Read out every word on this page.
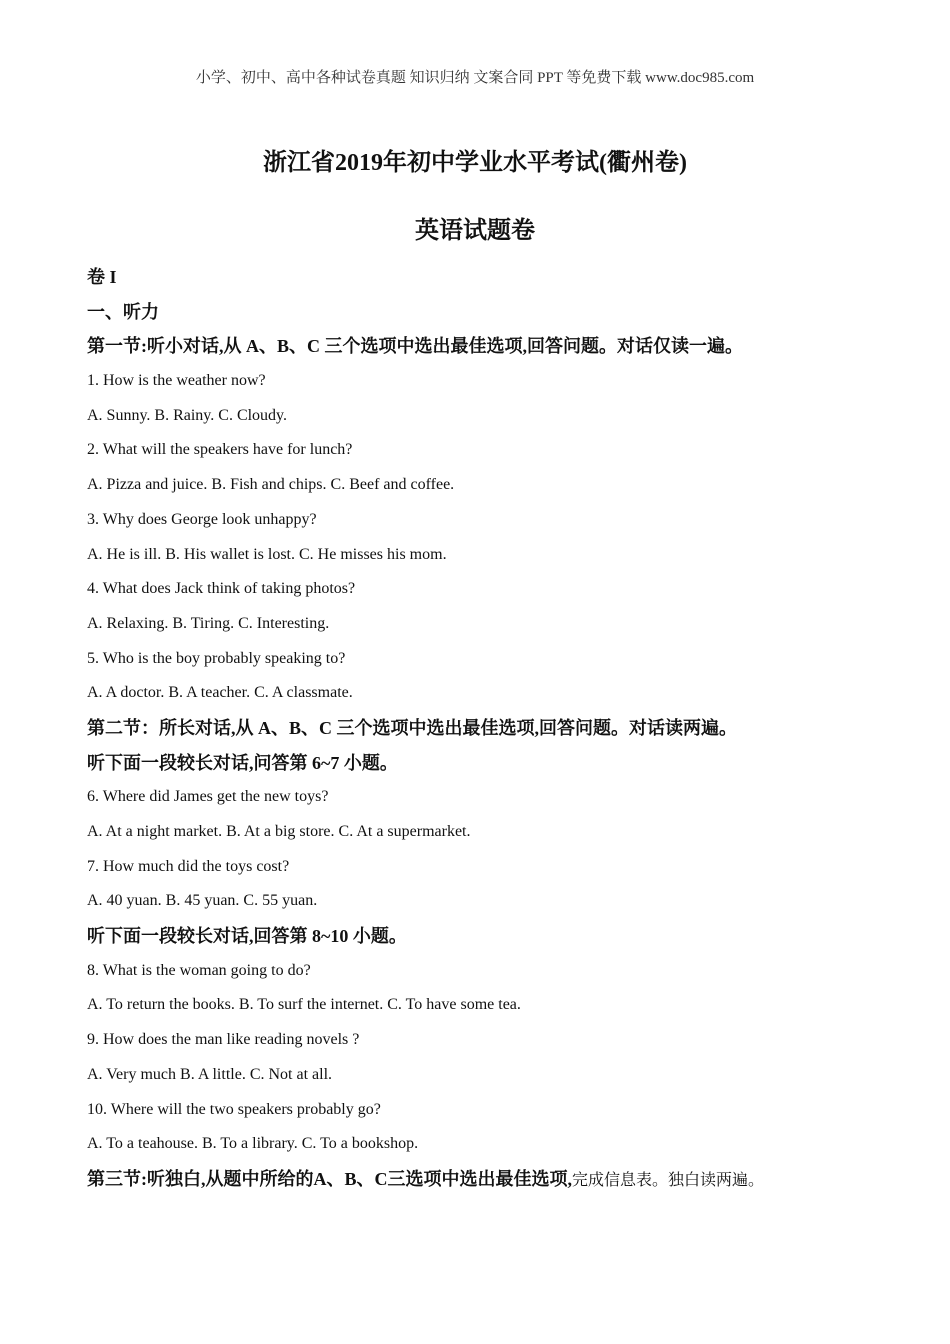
小学、初中、高中各种试卷真题 知识归纳 文案合同 PPT 等免费下载 www.doc985.com
浙江省2019年初中学业水平考试(衢州卷)
英语试题卷
卷 I
一、听力
第一节:听小对话,从 A、B、C 三个选项中选出最佳选项,回答问题。对话仅读一遍。
1. How is the weather now?
A. Sunny. B. Rainy. C. Cloudy.
2. What will the speakers have for lunch?
A. Pizza and juice. B. Fish and chips. C. Beef and coffee.
3. Why does George look unhappy?
A. He is ill. B. His wallet is lost. C. He misses his mom.
4. What does Jack think of taking photos?
A. Relaxing. B. Tiring. C. Interesting.
5. Who is the boy probably speaking to?
A. A doctor. B. A teacher. C. A classmate.
第二节：所长对话,从 A、B、C 三个选项中选出最佳选项,回答问题。对话读两遍。
听下面一段较长对话,问答第 6~7 小题。
6. Where did James get the new toys?
A. At a night market. B. At a big store. C. At a supermarket.
7. How much did the toys cost?
A. 40 yuan. B. 45 yuan. C. 55 yuan.
听下面一段较长对话,回答第 8~10 小题。
8. What is the woman going to do?
A. To return the books. B. To surf the internet. C. To have some tea.
9. How does the man like reading novels ?
A. Very much B. A little. C. Not at all.
10. Where will the two speakers probably go?
A. To a teahouse. B. To a library. C. To a bookshop.
第三节:听独白,从题中所给的A、B、C三选项中选出最佳选项,完成信息表。独白读两遍。
